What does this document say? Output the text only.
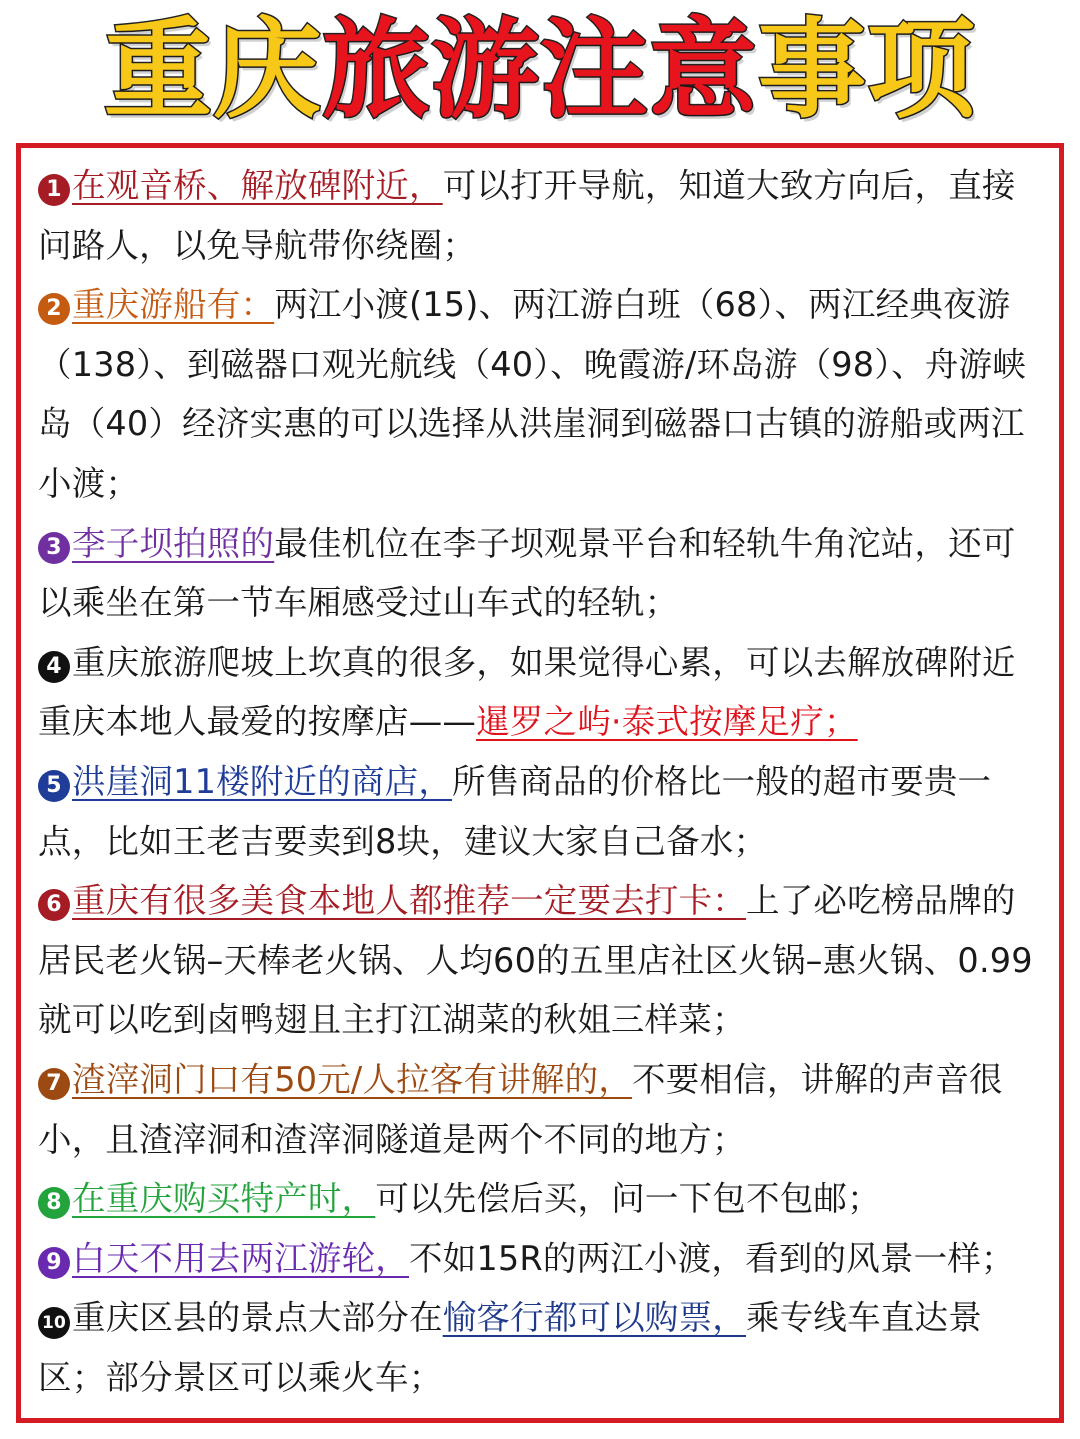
重庆 旅游注意 事项

1 在观音桥、解放碑附近，可以打开导航，知道大致方向后，直接问路人，以免导航带你绕圈；

2 重庆游船有：两江小渡(15)、两江游白班（68）、两江经典夜游（138）、到磁器口观光航线（40）、晚霞游/环岛游（98）、舟游峡岛（40）经济实惠的可以选择从洪崖洞到磁器口古镇的游船或两江小渡；

3 李子坝拍照的最佳机位在李子坝观景平台和轻轨牛角沱站，还可以乘坐在第一节车厢感受过山车式的轻轨；

4 重庆旅游爬坡上坎真的很多，如果觉得心累，可以去解放碑附近重庆本地人最爱的按摩店——暹罗之屿·泰式按摩足疗；

5 洪崖洞11楼附近的商店，所售商品的价格比一般的超市要贵一点，比如王老吉要卖到8块，建议大家自己备水；

6 重庆有很多美食本地人都推荐一定要去打卡：上了必吃榜品牌的居民老火锅–天棒老火锅、人均60的五里店社区火锅–惠火锅、0.99就可以吃到卤鸭翅且主打江湖菜的秋姐三样菜；

7 渣滓洞门口有50元/人拉客有讲解的，不要相信，讲解的声音很小，且渣滓洞和渣滓洞隧道是两个不同的地方；

8 在重庆购买特产时，可以先偿后买，问一下包不包邮；

9 白天不用去两江游轮，不如15R的两江小渡，看到的风景一样；

10 重庆区县的景点大部分在愉客行都可以购票，乘专线车直达景区；部分景区可以乘火车；
